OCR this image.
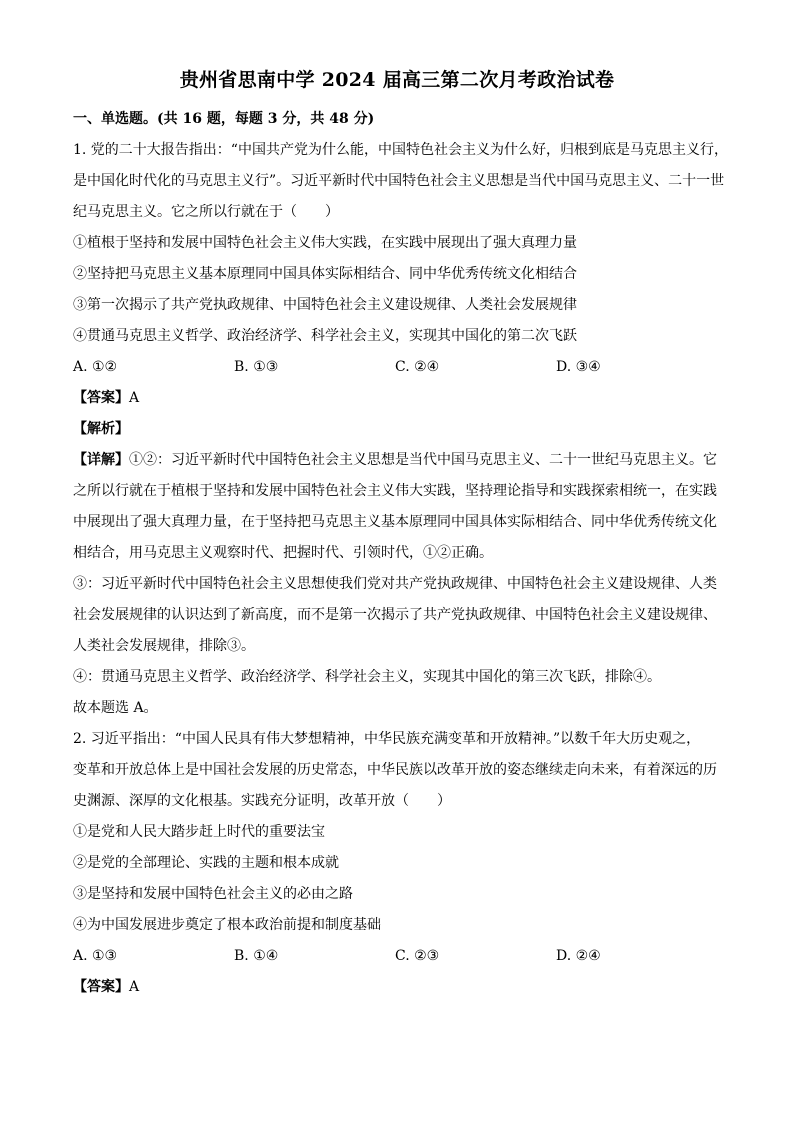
贵州省思南中学 2024 届高三第二次月考政治试卷
一、单选题。(共 16 题，每题 3 分，共 48 分)
1. 党的二十大报告指出：“中国共产党为什么能，中国特色社会主义为什么好，归根到底是马克思主义行，
是中国化时代化的马克思主义行”。习近平新时代中国特色社会主义思想是当代中国马克思主义、二十一世
纪马克思主义。它之所以行就在于（　　）
①植根于坚持和发展中国特色社会主义伟大实践，在实践中展现出了强大真理力量
②坚持把马克思主义基本原理同中国具体实际相结合、同中华优秀传统文化相结合
③第一次揭示了共产党执政规律、中国特色社会主义建设规律、人类社会发展规律
④贯通马克思主义哲学、政治经济学、科学社会主义，实现其中国化的第二次飞跃
A. ①②	B. ①③	C. ②④	D. ③④
【答案】A
【解析】
【详解】①②：习近平新时代中国特色社会主义思想是当代中国马克思主义、二十一世纪马克思主义。它
之所以行就在于植根于坚持和发展中国特色社会主义伟大实践，坚持理论指导和实践探索相统一，在实践
中展现出了强大真理力量，在于坚持把马克思主义基本原理同中国具体实际相结合、同中华优秀传统文化
相结合，用马克思主义观察时代、把握时代、引领时代，①②正确。
③：习近平新时代中国特色社会主义思想使我们党对共产党执政规律、中国特色社会主义建设规律、人类
社会发展规律的认识达到了新高度，而不是第一次揭示了共产党执政规律、中国特色社会主义建设规律、
人类社会发展规律，排除③。
④：贯通马克思主义哲学、政治经济学、科学社会主义，实现其中国化的第三次飞跃，排除④。
故本题选 A。
2. 习近平指出：“中国人民具有伟大梦想精神，中华民族充满变革和开放精神。”以数千年大历史观之，
变革和开放总体上是中国社会发展的历史常态，中华民族以改革开放的姿态继续走向未来，有着深远的历
史渊源、深厚的文化根基。实践充分证明，改革开放（　　）
①是党和人民大踏步赶上时代的重要法宝
②是党的全部理论、实践的主题和根本成就
③是坚持和发展中国特色社会主义的必由之路
④为中国发展进步奠定了根本政治前提和制度基础
A. ①③	B. ①④	C. ②③	D. ②④
【答案】A
